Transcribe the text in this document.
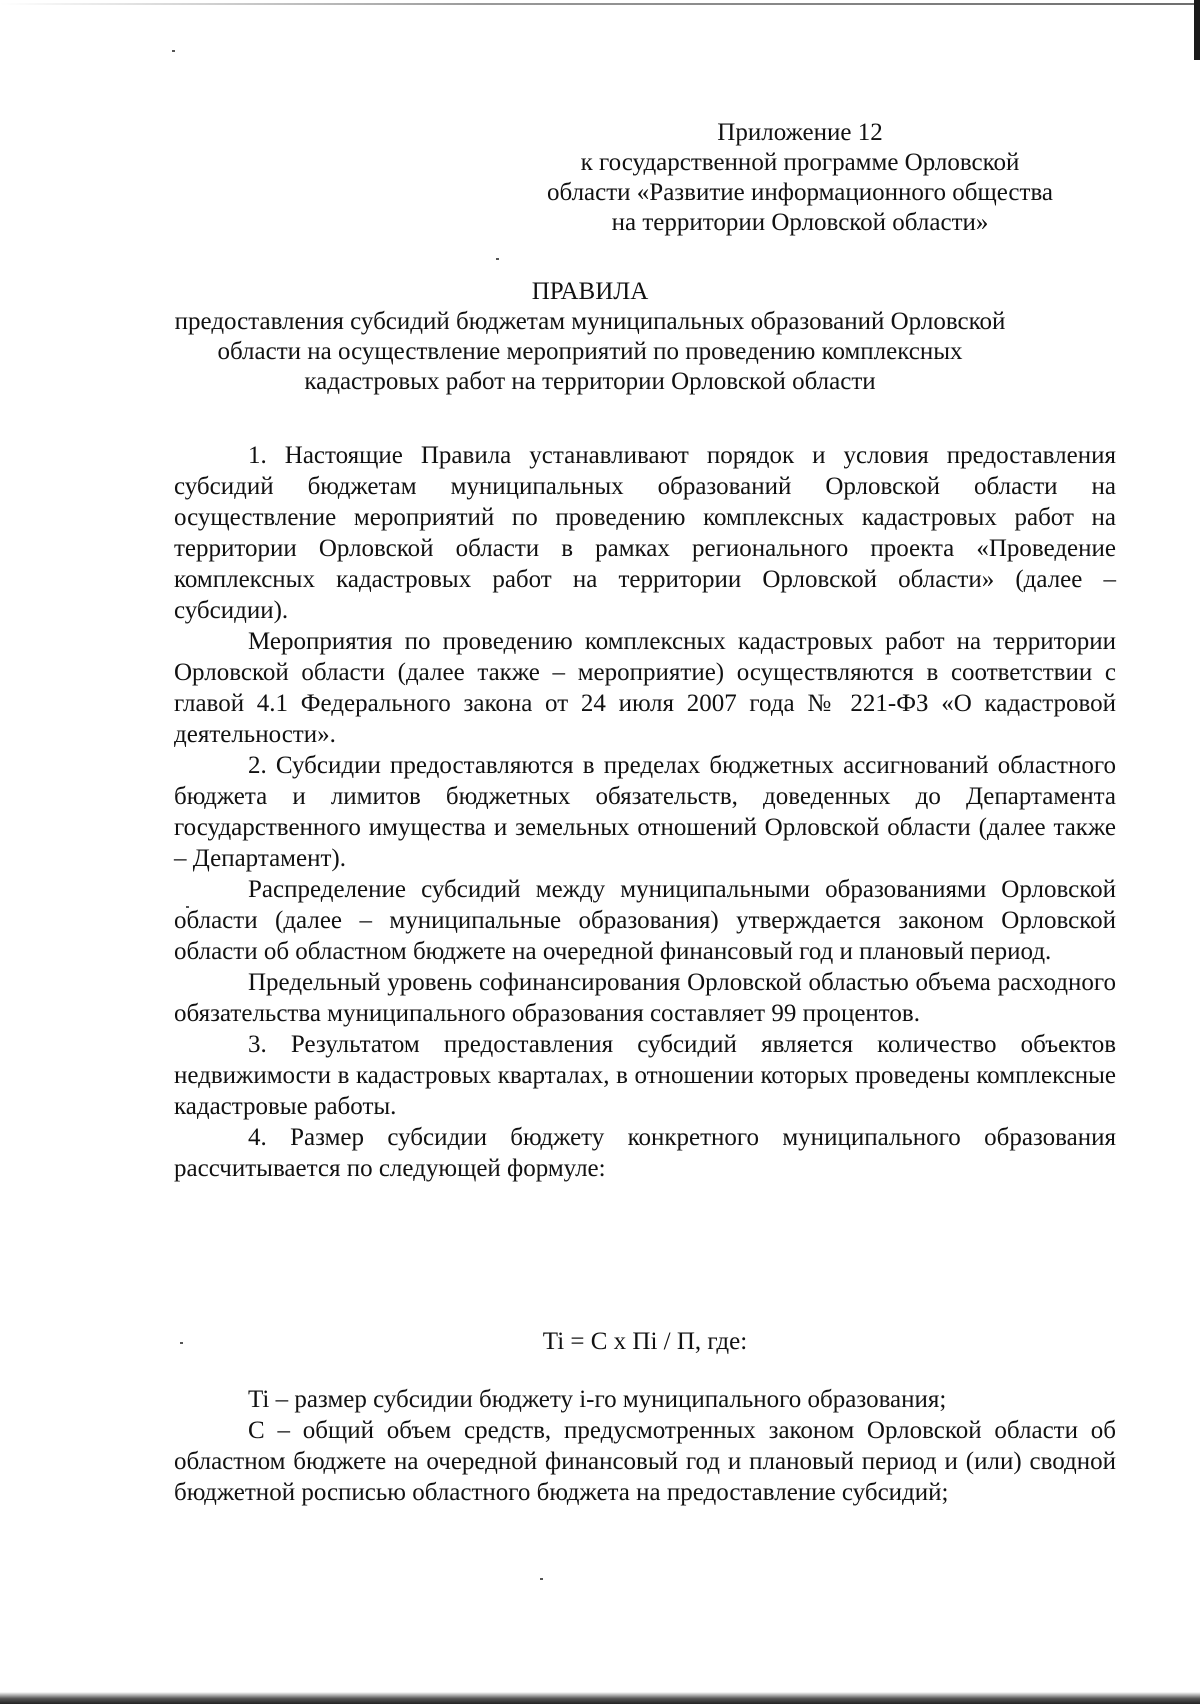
Приложение 12
к государственной программе Орловской
области «Развитие информационного общества
на территории Орловской области»
ПРАВИЛА
предоставления субсидий бюджетам муниципальных образований Орловской
области на осуществление мероприятий по проведению комплексных
кадастровых работ на территории Орловской области

1. Настоящие Правила устанавливают порядок и условия предоставления субсидий бюджетам муниципальных образований Орловской области на осуществление мероприятий по проведению комплексных кадастровых работ на территории Орловской области в рамках регионального проекта «Проведение комплексных кадастровых работ на территории Орловской области» (далее – субсидии).

Мероприятия по проведению комплексных кадастровых работ на территории Орловской области (далее также – мероприятие) осуществляются в соответствии с главой 4.1 Федерального закона от 24 июля 2007 года № 221-ФЗ «О кадастровой деятельности».

2. Субсидии предоставляются в пределах бюджетных ассигнований областного бюджета и лимитов бюджетных обязательств, доведенных до Департамента государственного имущества и земельных отношений Орловской области (далее также – Департамент).

Распределение субсидий между муниципальными образованиями Орловской области (далее – муниципальные образования) утверждается законом Орловской области об областном бюджете на очередной финансовый год и плановый период.

Предельный уровень софинансирования Орловской областью объема расходного обязательства муниципального образования составляет 99 процентов.

3. Результатом предоставления субсидий является количество объектов недвижимости в кадастровых кварталах, в отношении которых проведены комплексные кадастровые работы.

4. Размер субсидии бюджету конкретного муниципального образования рассчитывается по следующей формуле:

Ti = C х Пi / П, где:

Ti – размер субсидии бюджету i-го муниципального образования;

С – общий объем средств, предусмотренных законом Орловской области об областном бюджете на очередной финансовый год и плановый период и (или) сводной бюджетной росписью областного бюджета на предоставление субсидий;
